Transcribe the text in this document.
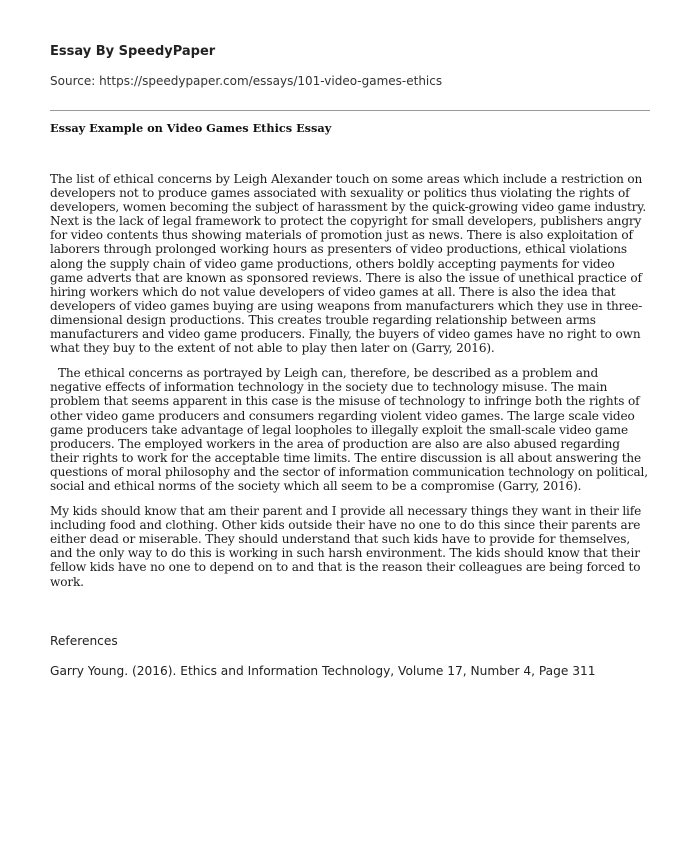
Essay By SpeedyPaper
Source: https://speedypaper.com/essays/101-video-games-ethics
Essay Example on Video Games Ethics Essay

The list of ethical concerns by Leigh Alexander touch on some areas which include a restriction on developers not to produce games associated with sexuality or politics thus violating the rights of developers, women becoming the subject of harassment by the quick-growing video game industry. Next is the lack of legal framework to protect the copyright for small developers, publishers angry for video contents thus showing materials of promotion just as news. There is also exploitation of laborers through prolonged working hours as presenters of video productions, ethical violations along the supply chain of video game productions, others boldly accepting payments for video game adverts that are known as sponsored reviews. There is also the issue of unethical practice of hiring workers which do not value developers of video games at all. There is also the idea that developers of video games buying are using weapons from manufacturers which they use in three-dimensional design productions. This creates trouble regarding relationship between arms manufacturers and video game producers. Finally, the buyers of video games have no right to own what they buy to the extent of not able to play then later on (Garry, 2016).

The ethical concerns as portrayed by Leigh can, therefore, be described as a problem and negative effects of information technology in the society due to technology misuse. The main problem that seems apparent in this case is the misuse of technology to infringe both the rights of other video game producers and consumers regarding violent video games. The large scale video game producers take advantage of legal loopholes to illegally exploit the small-scale video game producers. The employed workers in the area of production are also are also abused regarding their rights to work for the acceptable time limits. The entire discussion is all about answering the questions of moral philosophy and the sector of information communication technology on political, social and ethical norms of the society which all seem to be a compromise (Garry, 2016).

My kids should know that am their parent and I provide all necessary things they want in their life including food and clothing. Other kids outside their have no one to do this since their parents are either dead or miserable. They should understand that such kids have to provide for themselves, and the only way to do this is working in such harsh environment. The kids should know that their fellow kids have no one to depend on to and that is the reason their colleagues are being forced to work.

References
Garry Young. (2016). Ethics and Information Technology, Volume 17, Number 4, Page 311
